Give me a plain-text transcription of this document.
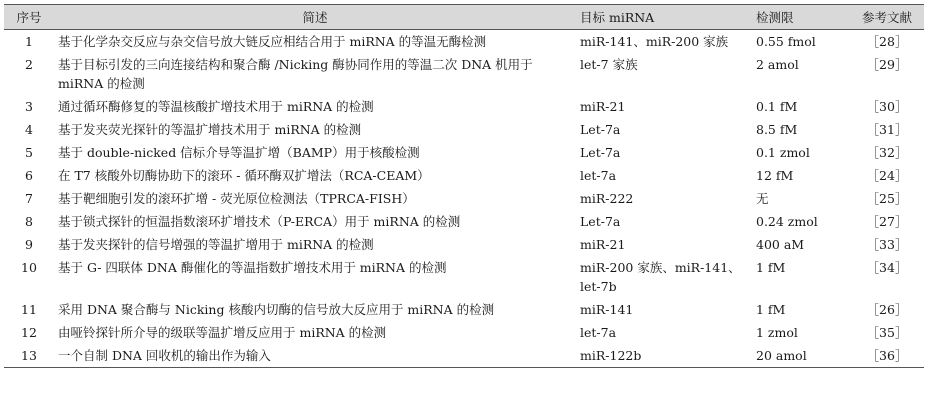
序号	简述	目标 miRNA	检测限	参考文献
1	基于化学杂交反应与杂交信号放大链反应相结合用于 miRNA 的等温无酶检测	miR-141、miR-200 家族	0.55 fmol	［28］
2	基于目标引发的三向连接结构和聚合酶 /Nicking 酶协同作用的等温二次 DNA 机用于 miRNA 的检测	let-7 家族	2 amol	［29］
3	通过循环酶修复的等温核酸扩增技术用于 miRNA 的检测	miR-21	0.1 fM	［30］
4	基于发夹荧光探针的等温扩增技术用于 miRNA 的检测	Let-7a	8.5 fM	［31］
5	基于 double-nicked 信标介导等温扩增（BAMP）用于核酸检测	Let-7a	0.1 zmol	［32］
6	在 T7 核酸外切酶协助下的滚环 - 循环酶双扩增法（RCA-CEAM）	let-7a	12 fM	［24］
7	基于靶细胞引发的滚环扩增 - 荧光原位检测法（TPRCA-FISH）	miR-222	无	［25］
8	基于锁式探针的恒温指数滚环扩增技术（P-ERCA）用于 miRNA 的检测	Let-7a	0.24 zmol	［27］
9	基于发夹探针的信号增强的等温扩增用于 miRNA 的检测	miR-21	400 aM	［33］
10	基于 G- 四联体 DNA 酶催化的等温指数扩增技术用于 miRNA 的检测	miR-200 家族、miR-141、let-7b	1 fM	［34］
11	采用 DNA 聚合酶与 Nicking 核酸内切酶的信号放大反应用于 miRNA 的检测	miR-141	1 fM	［26］
12	由哑铃探针所介导的级联等温扩增反应用于 miRNA 的检测	let-7a	1 zmol	［35］
13	一个自制 DNA 回收机的输出作为输入	miR-122b	20 amol	［36］
